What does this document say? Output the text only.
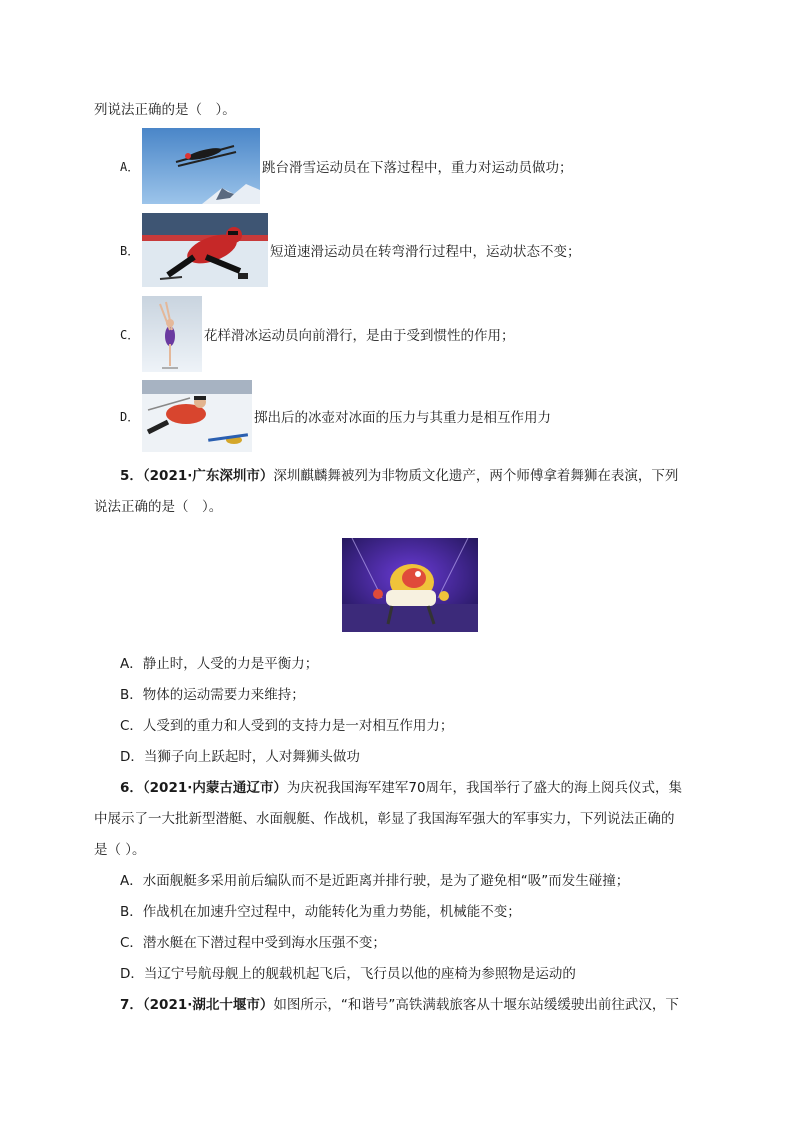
列说法正确的是（　）。
A．	跳台滑雪运动员在下落过程中，重力对运动员做功；
B．	短道速滑运动员在转弯滑行过程中，运动状态不变；
C．	花样滑冰运动员向前滑行，是由于受到惯性的作用；
D．	掷出后的冰壶对冰面的压力与其重力是相互作用力
5．（2021·广东深圳市）深圳麒麟舞被列为非物质文化遗产，两个师傅拿着舞狮在表演，下列
说法正确的是（　）。
A．静止时，人受的力是平衡力；
B．物体的运动需要力来维持；
C．人受到的重力和人受到的支持力是一对相互作用力；
D．当狮子向上跃起时，人对舞狮头做功
6．（2021·内蒙古通辽市）为庆祝我国海军建军70周年，我国举行了盛大的海上阅兵仪式，集
中展示了一大批新型潜艇、水面舰艇、作战机，彰显了我国海军强大的军事实力，下列说法正确的
是（ ）。
A．水面舰艇多采用前后编队而不是近距离并排行驶，是为了避免相“吸”而发生碰撞；
B．作战机在加速升空过程中，动能转化为重力势能，机械能不变；
C．潜水艇在下潜过程中受到海水压强不变；
D．当辽宁号航母舰上的舰载机起飞后，飞行员以他的座椅为参照物是运动的
7．（2021·湖北十堰市）如图所示，“和谐号”高铁满载旅客从十堰东站缓缓驶出前往武汉，下
